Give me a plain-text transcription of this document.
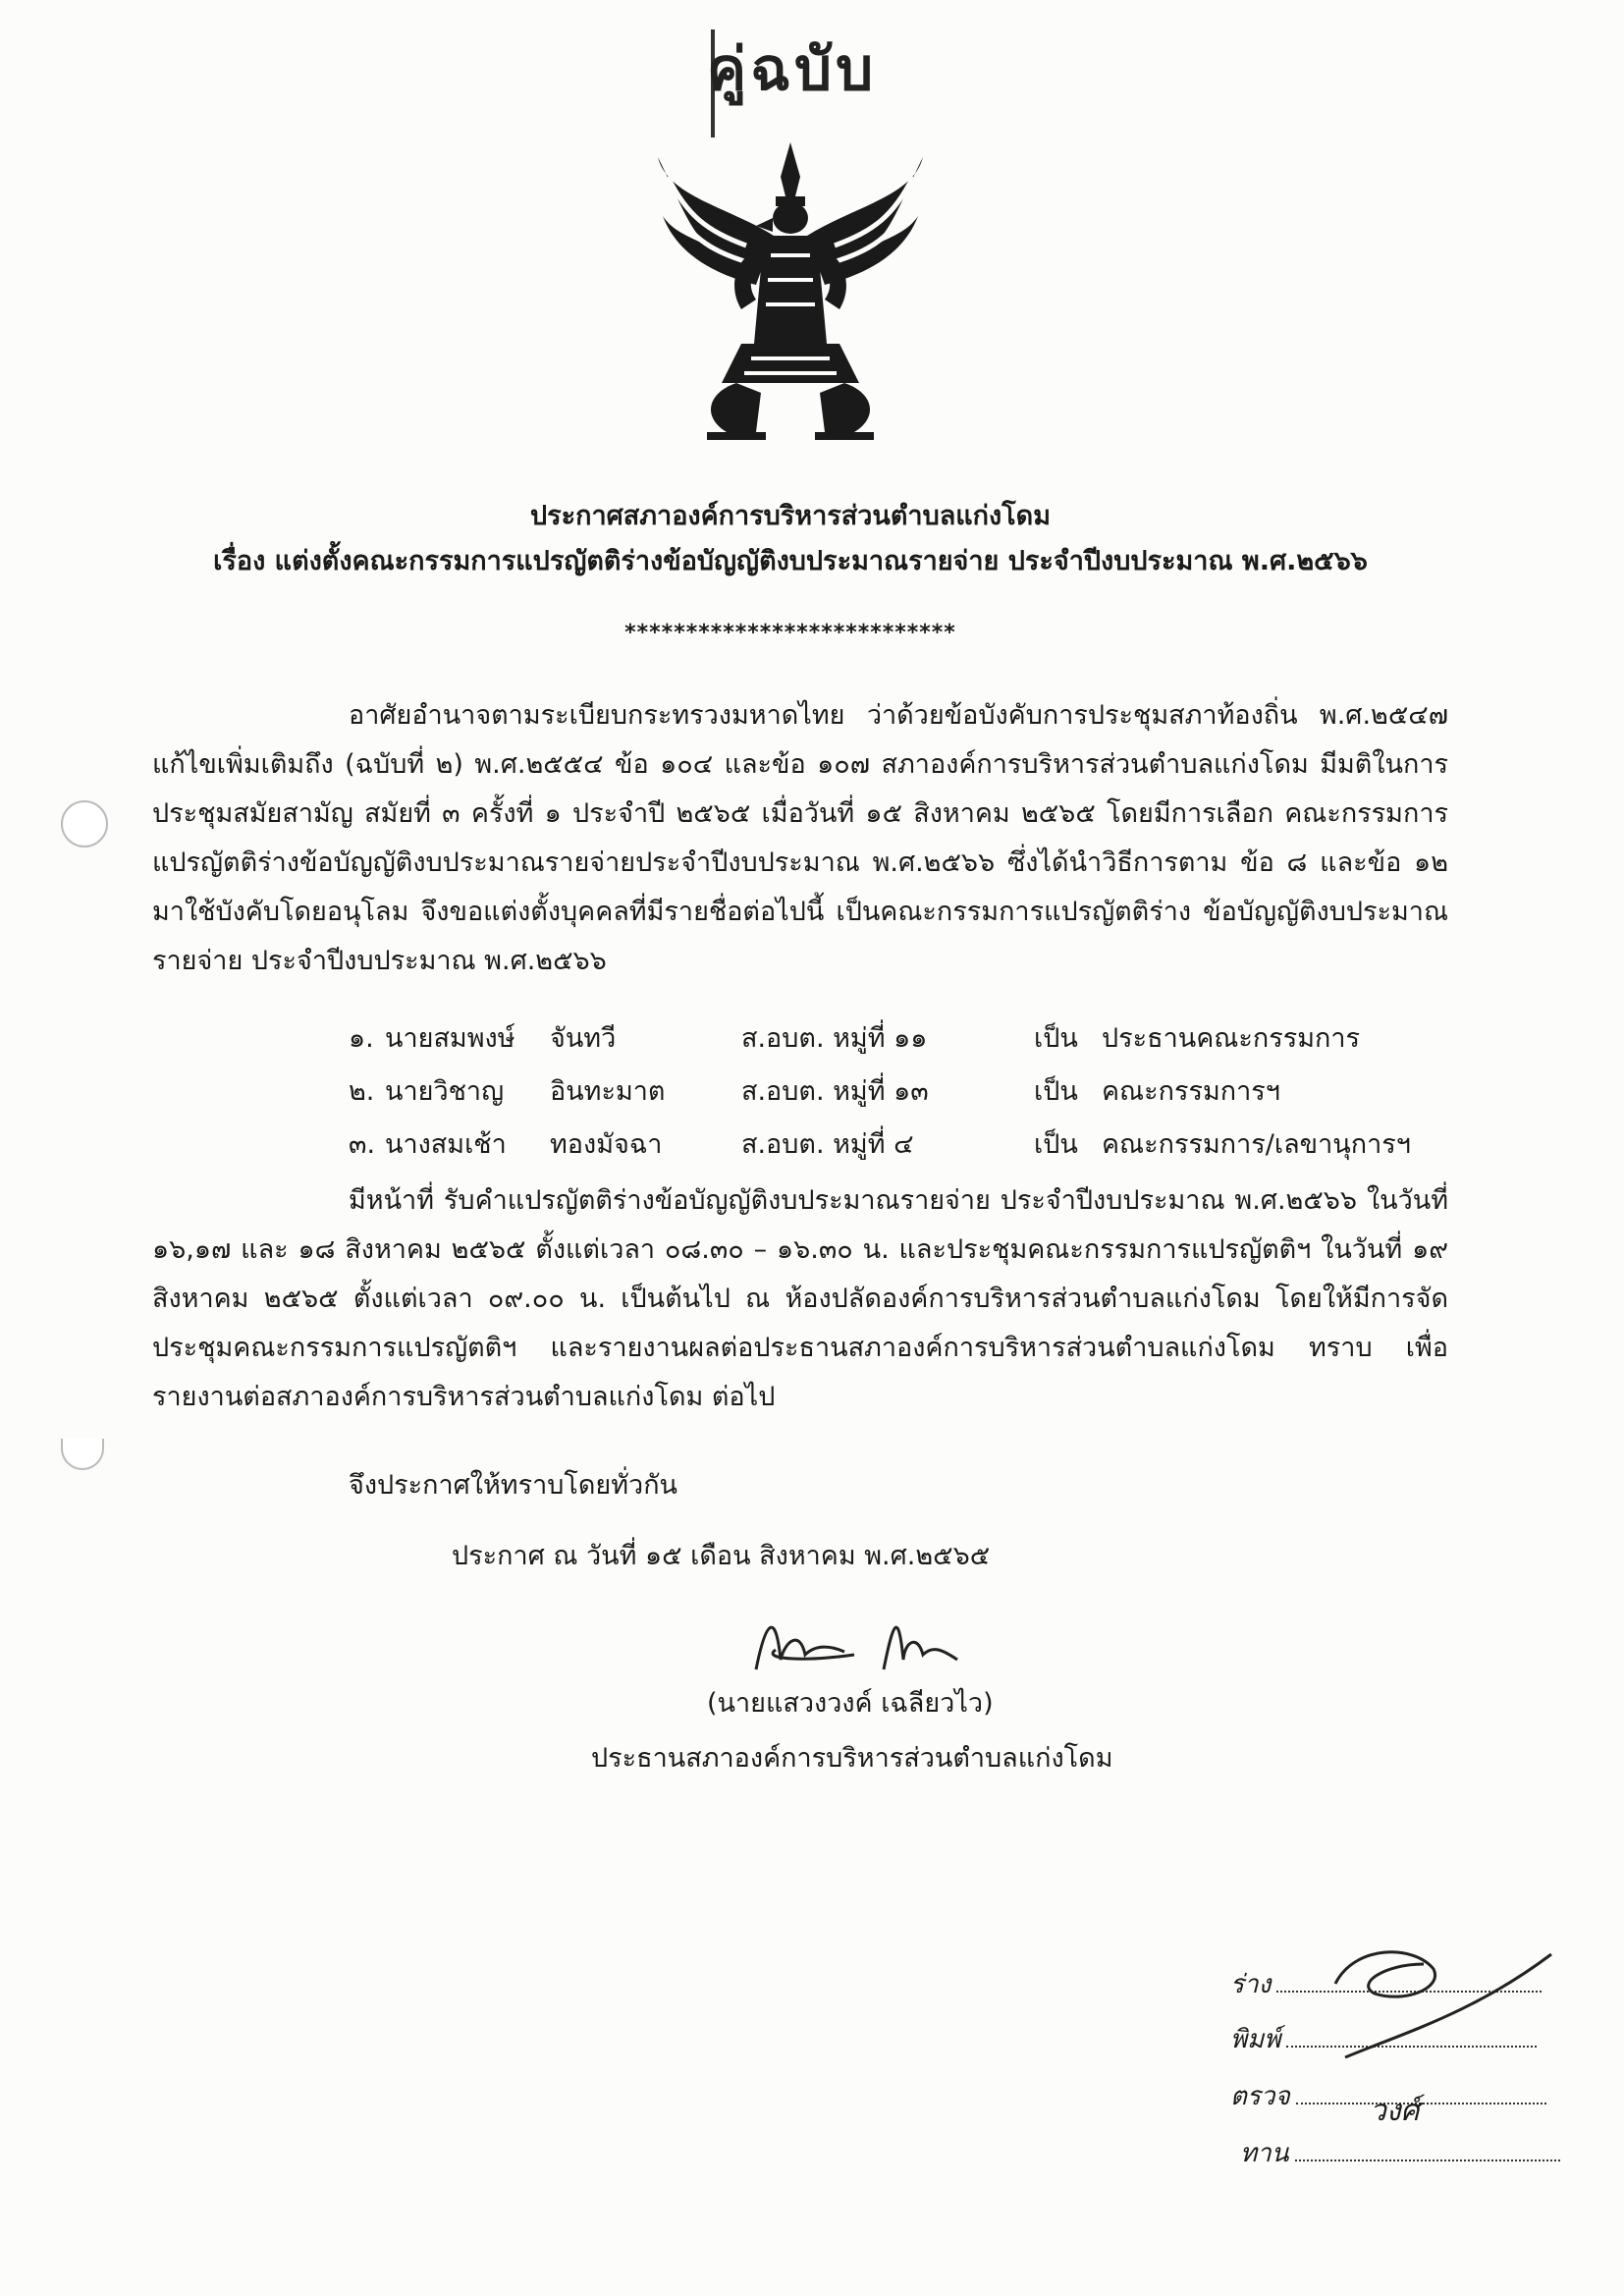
คู่ฉบับ
ประกาศสภาองค์การบริหารส่วนตำบลแก่งโดม
เรื่อง แต่งตั้งคณะกรรมการแปรญัตติร่างข้อบัญญัติงบประมาณรายจ่าย ประจำปีงบประมาณ พ.ศ.๒๕๖๖
***************************

อาศัยอำนาจตามระเบียบกระทรวงมหาดไทย ว่าด้วยข้อบังคับการประชุมสภาท้องถิ่น พ.ศ.๒๕๔๗ แก้ไขเพิ่มเติมถึง (ฉบับที่ ๒) พ.ศ.๒๕๕๔ ข้อ ๑๐๔ และข้อ ๑๐๗ สภาองค์การบริหารส่วนตำบลแก่งโดม มีมติในการประชุมสมัยสามัญ สมัยที่ ๓ ครั้งที่ ๑ ประจำปี ๒๕๖๕ เมื่อวันที่ ๑๕ สิงหาคม ๒๕๖๕ โดยมีการเลือก คณะกรรมการแปรญัตติร่างข้อบัญญัติงบประมาณรายจ่ายประจำปีงบประมาณ พ.ศ.๒๕๖๖ ซึ่งได้นำวิธีการตาม ข้อ ๘ และข้อ ๑๒ มาใช้บังคับโดยอนุโลม จึงขอแต่งตั้งบุคคลที่มีรายชื่อต่อไปนี้ เป็นคณะกรรมการแปรญัตติร่าง ข้อบัญญัติงบประมาณรายจ่าย ประจำปีงบประมาณ พ.ศ.๒๕๖๖

๑. นายสมพงษ์ จันทวี	ส.อบต. หมู่ที่ ๑๑	เป็น ประธานคณะกรรมการ
๒. นายวิชาญ อินทะมาต	ส.อบต. หมู่ที่ ๑๓	เป็น คณะกรรมการฯ
๓. นางสมเช้า ทองมัจฉา	ส.อบต. หมู่ที่ ๔	เป็น คณะกรรมการ/เลขานุการฯ

มีหน้าที่ รับคำแปรญัตติร่างข้อบัญญัติงบประมาณรายจ่าย ประจำปีงบประมาณ พ.ศ.๒๕๖๖ ในวันที่ ๑๖,๑๗ และ ๑๘ สิงหาคม ๒๕๖๕ ตั้งแต่เวลา ๐๘.๓๐ – ๑๖.๓๐ น. และประชุมคณะกรรมการแปรญัตติฯ ในวันที่ ๑๙ สิงหาคม ๒๕๖๕ ตั้งแต่เวลา ๐๙.๐๐ น. เป็นต้นไป ณ ห้องปลัดองค์การบริหารส่วนตำบลแก่งโดม โดยให้มีการจัดประชุมคณะกรรมการแปรญัตติฯ และรายงานผลต่อประธานสภาองค์การบริหารส่วนตำบลแก่งโดม ทราบ เพื่อรายงานต่อสภาองค์การบริหารส่วนตำบลแก่งโดม ต่อไป

จึงประกาศให้ทราบโดยทั่วกัน
ประกาศ ณ วันที่ ๑๕ เดือน สิงหาคม พ.ศ.๒๕๖๕
(นายแสวงวงค์ เฉลียวไว)
ประธานสภาองค์การบริหารส่วนตำบลแก่งโดม
ร่าง
พิมพ์
ตรวจ
ทาน
วงศ์
